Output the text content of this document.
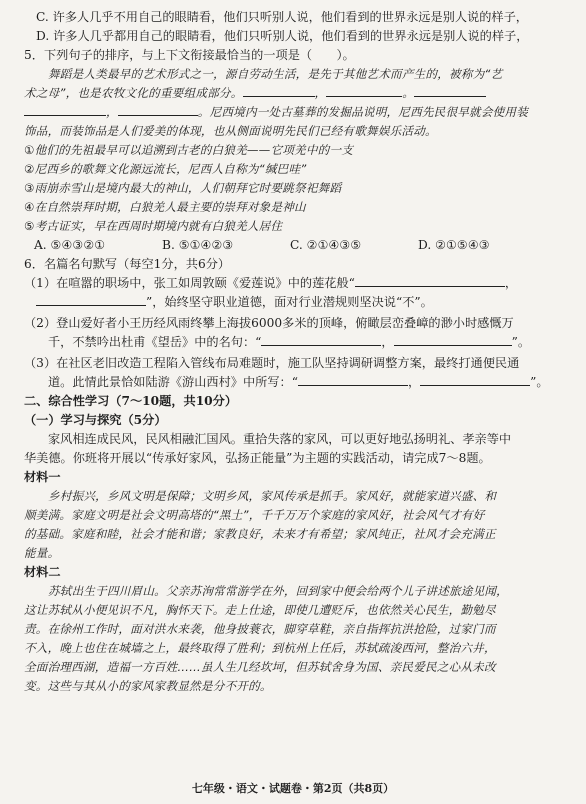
C. 许多人几乎不用自己的眼睛看，他们只听别人说，他们看到的世界永远是别人说的样子，
D. 许多人几乎都用自己的眼睛看，他们只听别人说，他们看到的世界永远是别人说的样子，
5．下列句子的排序，与上下文衔接最恰当的一项是（　　）。
舞蹈是人类最早的艺术形式之一，源自劳动生活，是先于其他艺术而产生的，被称为“艺
术之母”，也是农牧文化的重要组成部分。	，	。
，	。尼西境内一处古墓葬的发掘品说明，尼西先民很早就会使用装
饰品，而装饰品是人们爱美的体现，也从侧面说明先民们已经有歌舞娱乐活动。
①他们的先祖最早可以追溯到古老的白狼羌——它项羌中的一支
②尼西乡的歌舞文化源远流长，尼西人自称为“缄巴哇”
③雨崩赤雪山是境内最大的神山，人们朝拜它时要跳祭祀舞蹈
④在自然崇拜时期，白狼羌人最主要的崇拜对象是神山
⑤考古证实，早在西周时期境内就有白狼羌人居住
A. ⑤④③②①	B. ⑤①④②③	C. ②①④③⑤	D. ②①⑤④③
6．名篇名句默写（每空1分，共6分）
（1）在喧嚣的职场中，张工如周敦颐《爱莲说》中的莲花般“	，
”，始终坚守职业道德，面对行业潜规则坚决说“不”。
（2）登山爱好者小王历经风雨终攀上海拔6000多米的顶峰，俯瞰层峦叠嶂的渺小时感慨万
千，不禁吟出杜甫《望岳》中的名句：“	，	”。
（3）在社区老旧改造工程陷入管线布局难题时，施工队坚持调研调整方案，最终打通便民通
道。此情此景恰如陆游《游山西村》中所写：“	，	”。
二、综合性学习（7～10题，共10分）
（一）学习与探究（5分）
家风相连成民风，民风相融汇国风。重拾失落的家风，可以更好地弘扬明礼、孝亲等中
华美德。你班将开展以“传承好家风，弘扬正能量”为主题的实践活动，请完成7～8题。
材料一
乡村振兴，乡风文明是保障；文明乡风，家风传承是抓手。家风好，就能家道兴盛、和
顺美满。家庭文明是社会文明高塔的“黑土”，千千万万个家庭的家风好，社会风气才有好
的基础。家庭和睦，社会才能和谐；家教良好，未来才有希望；家风纯正，社风才会充满正
能量。
材料二
苏轼出生于四川眉山。父亲苏洵常常游学在外，回到家中便会给两个儿子讲述旅途见闻，
这让苏轼从小便见识不凡，胸怀天下。走上仕途，即使几遭贬斥，也依然关心民生，勤勉尽
责。在徐州工作时，面对洪水来袭，他身披蓑衣，脚穿草鞋，亲自指挥抗洪抢险，过家门而
不入，晚上也住在城墙之上，最终取得了胜利；到杭州上任后，苏轼疏浚西河，整治六井，
全面治理西湖，造福一方百姓……虽人生几经坎坷，但苏轼舍身为国、亲民爱民之心从未改
变。这些与其从小的家风家教显然是分不开的。
七年级・语文・试题卷・第2页（共8页）
